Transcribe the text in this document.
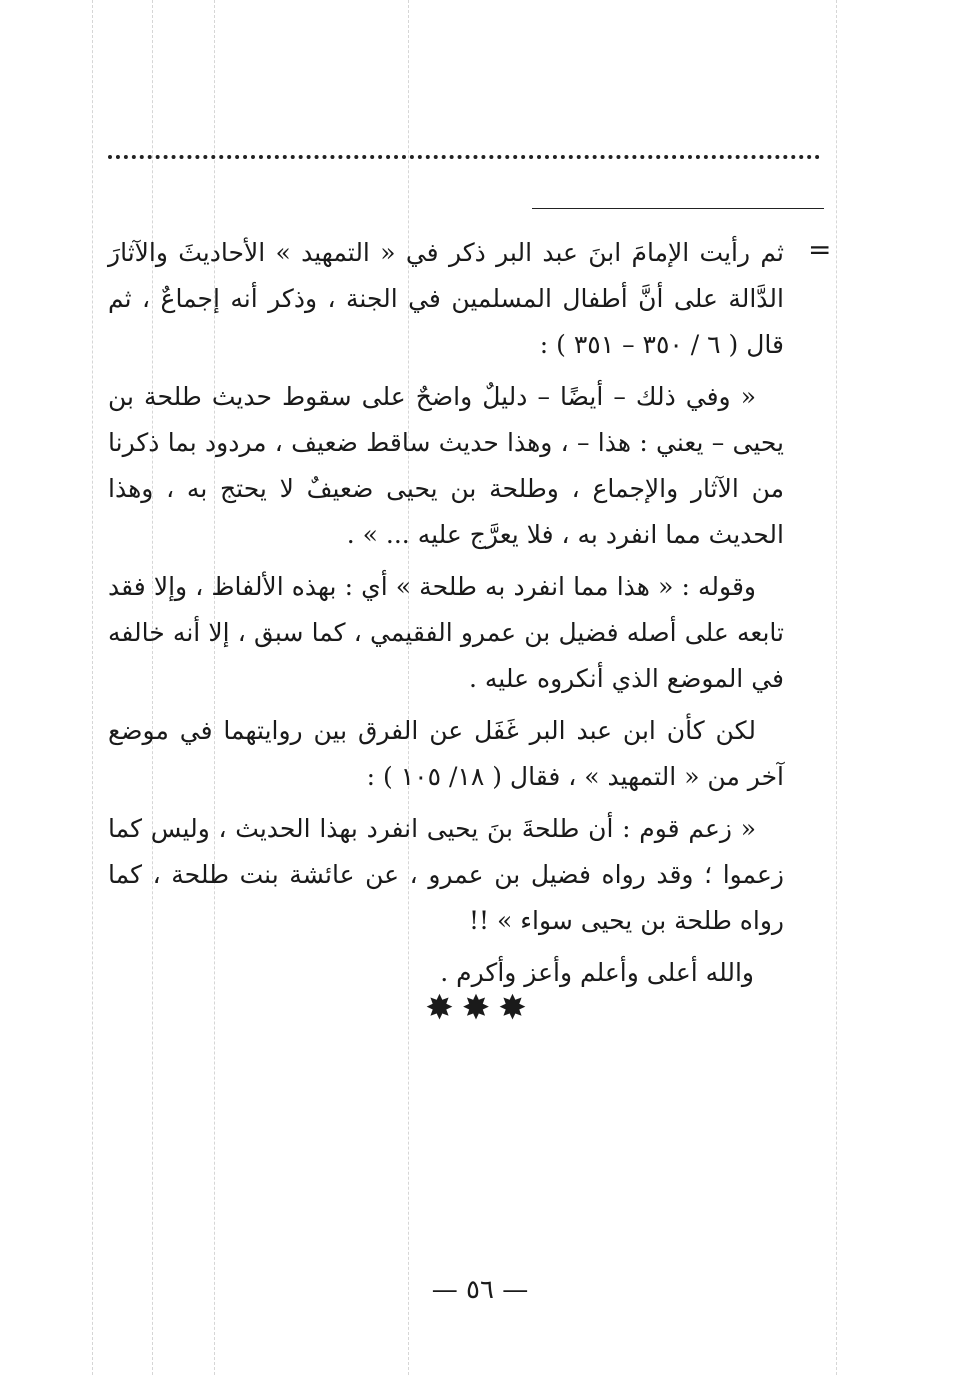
=

ثم رأيت الإمامَ ابنَ عبد البر ذكر في « التمهيد » الأحاديثَ والآثارَ الدَّالة على أنَّ أطفال المسلمين في الجنة ، وذكر أنه إجماعٌ ، ثم قال ( ٦ / ٣٥٠ – ٣٥١ ) :

« وفي ذلك – أيضًا – دليلٌ واضحٌ على سقوط حديث طلحة بن يحيى – يعني : هذا – ، وهذا حديث ساقط ضعيف ، مردود بما ذكرنا من الآثار والإجماع ، وطلحة بن يحيى ضعيفٌ لا يحتج به ، وهذا الحديث مما انفرد به ، فلا يعرَّج عليه ... » .

وقوله : « هذا مما انفرد به طلحة » أي : بهذه الألفاظ ، وإلا فقد تابعه على أصله فضيل بن عمرو الفقيمي ، كما سبق ، إلا أنه خالفه في الموضع الذي أنكروه عليه .

لكن كأن ابن عبد البر غَفَل عن الفرق بين روايتهما في موضع آخر من « التمهيد » ، فقال ( ١٨/ ١٠٥ ) :

« زعم قوم : أن طلحةَ بنَ يحيى انفرد بهذا الحديث ، وليس كما زعموا ؛ وقد رواه فضيل بن عمرو ، عن عائشة بنت طلحة ، كما رواه طلحة بن يحيى سواء » !!

والله أعلى وأعلم وأعز وأكرم .

✸✸✸
— ٥٦ —
